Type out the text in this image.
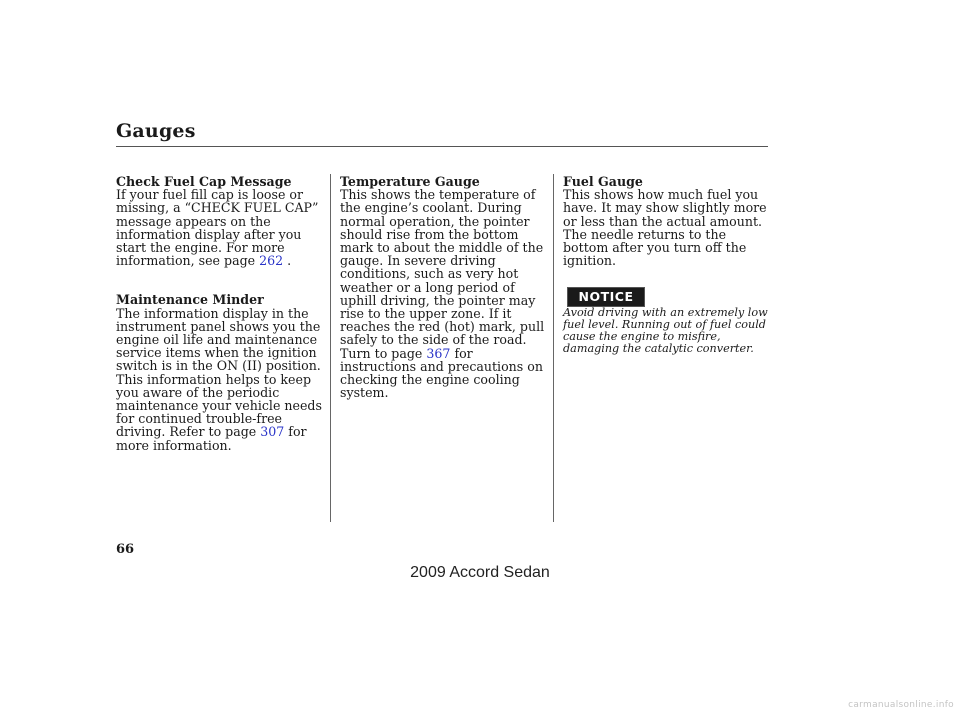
Gauges
Check Fuel Cap Message

If your fuel fill cap is loose or missing, a “CHECK FUEL CAP” message appears on the information display after you start the engine. For more information, see page 262 .

Maintenance Minder

The information display in the instrument panel shows you the engine oil life and maintenance service items when the ignition switch is in the ON (II) position. This information helps to keep you aware of the periodic maintenance your vehicle needs for continued trouble-free driving. Refer to page 307 for more information.

Temperature Gauge

This shows the temperature of the engine’s coolant. During normal operation, the pointer should rise from the bottom mark to about the middle of the gauge. In severe driving conditions, such as very hot weather or a long period of uphill driving, the pointer may rise to the upper zone. If it reaches the red (hot) mark, pull safely to the side of the road. Turn to page 367 for instructions and precautions on checking the engine cooling system.

Fuel Gauge

This shows how much fuel you have. It may show slightly more or less than the actual amount. The needle returns to the bottom after you turn off the ignition.

NOTICE

Avoid driving with an extremely low fuel level. Running out of fuel could cause the engine to misfire, damaging the catalytic converter.

66

2009 Accord Sedan
carmanualsonline.info
